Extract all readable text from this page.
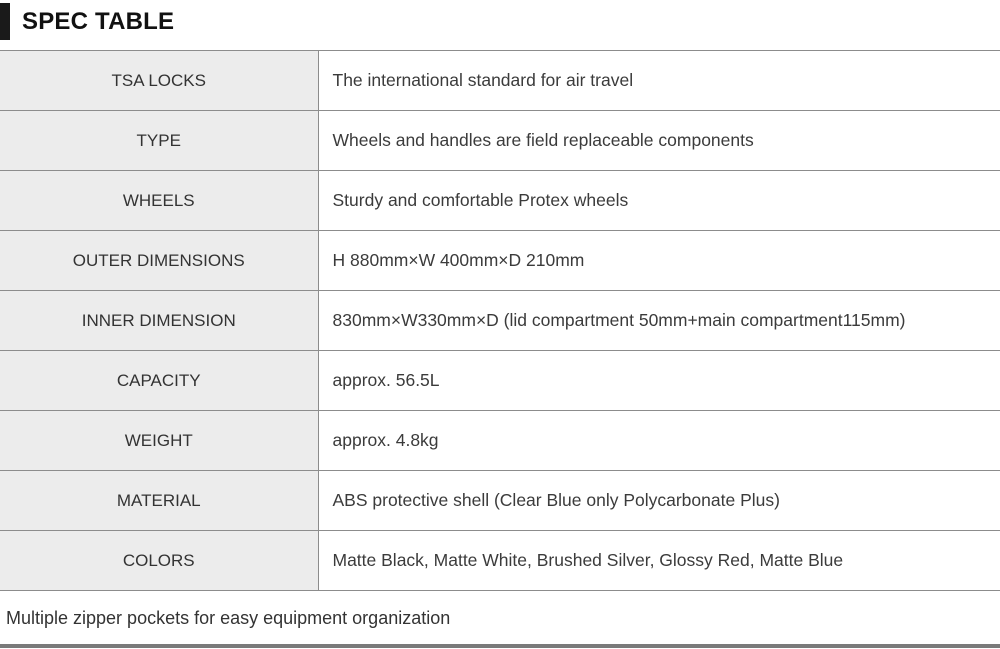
SPEC TABLE
TSA LOCKS	The international standard for air travel
TYPE	Wheels and handles are field replaceable components
WHEELS	Sturdy and comfortable Protex wheels
OUTER DIMENSIONS	H 880mm×W 400mm×D 210mm
INNER DIMENSION	830mm×W330mm×D (lid compartment 50mm+main compartment115mm)
CAPACITY	approx. 56.5L
WEIGHT	approx. 4.8kg
MATERIAL	ABS protective shell (Clear Blue only Polycarbonate Plus)
COLORS	Matte Black, Matte White, Brushed Silver, Glossy Red, Matte Blue
Multiple zipper pockets for easy equipment organization
